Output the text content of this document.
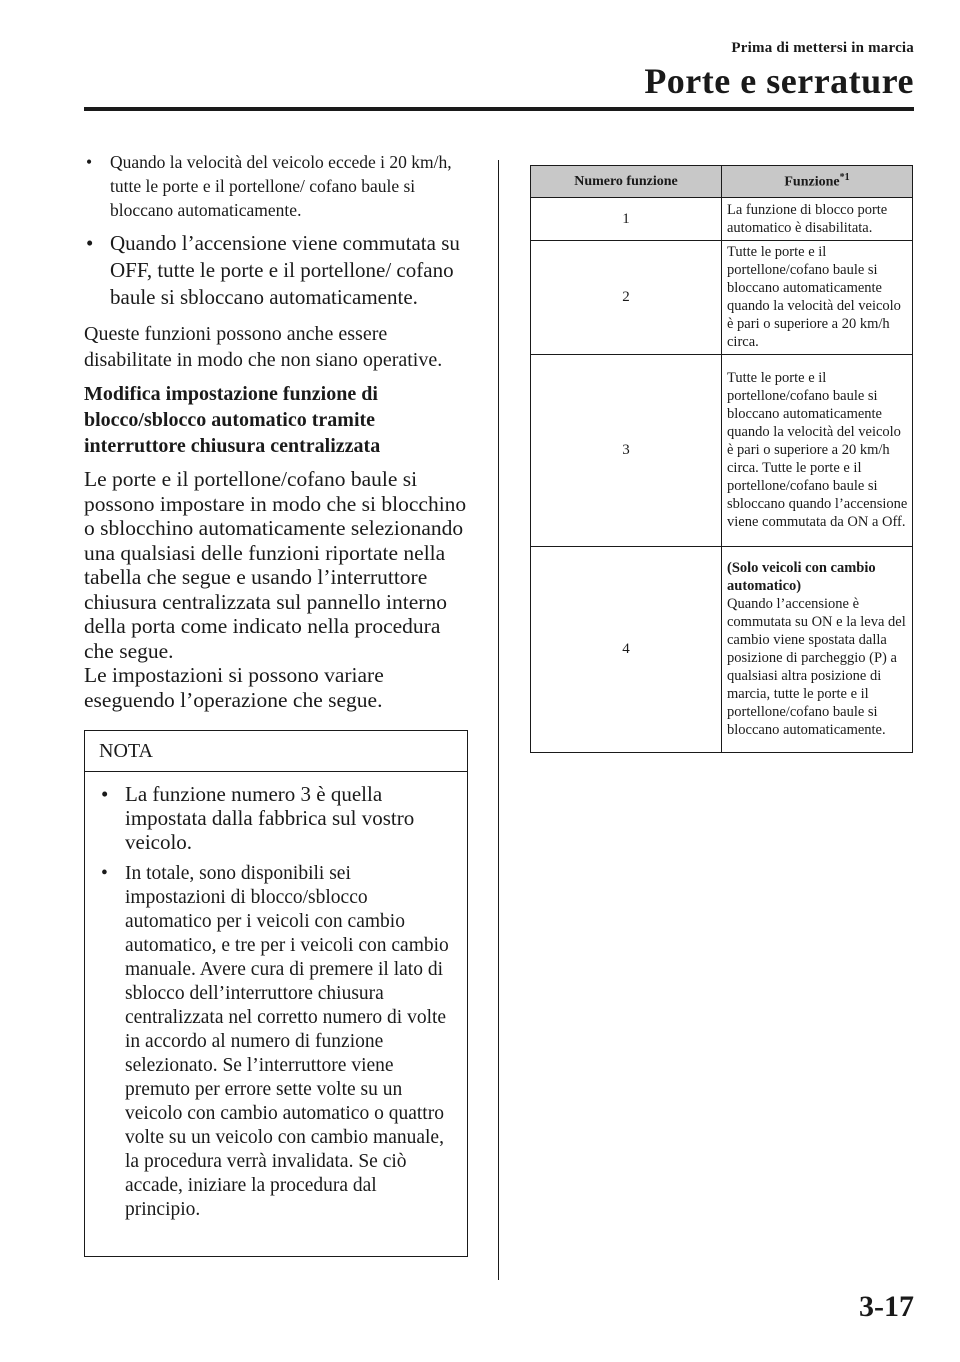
Prima di mettersi in marcia
Porte e serrature
• Quando la velocità del veicolo eccede i 20 km/h, tutte le porte e il portellone/ cofano baule si bloccano automaticamente.
• Quando l’accensione viene commutata su OFF, tutte le porte e il portellone/ cofano baule si sbloccano automaticamente.
Queste funzioni possono anche essere disabilitate in modo che non siano operative.
Modifica impostazione funzione di blocco/sblocco automatico tramite interruttore chiusura centralizzata
Le porte e il portellone/cofano baule si possono impostare in modo che si blocchino o sblocchino automaticamente selezionando una qualsiasi delle funzioni riportate nella tabella che segue e usando l’interruttore chiusura centralizzata sul pannello interno della porta come indicato nella procedura che segue.
Le impostazioni si possono variare eseguendo l’operazione che segue.
NOTA
• La funzione numero 3 è quella impostata dalla fabbrica sul vostro veicolo.
• In totale, sono disponibili sei impostazioni di blocco/sblocco automatico per i veicoli con cambio automatico, e tre per i veicoli con cambio manuale. Avere cura di premere il lato di sblocco dell’interruttore chiusura centralizzata nel corretto numero di volte in accordo al numero di funzione selezionato. Se l’interruttore viene premuto per errore sette volte su un veicolo con cambio automatico o quattro volte su un veicolo con cambio manuale, la procedura verrà invalidata. Se ciò accade, iniziare la procedura dal principio.
Numero funzione	Funzione$^{*1}$
1	La funzione di blocco porte automatico è disabilitata.
2	Tutte le porte e il portellone/cofano baule si bloccano automaticamente quando la velocità del veicolo è pari o superiore a 20 km/h circa.
3	Tutte le porte e il portellone/cofano baule si bloccano automaticamente quando la velocità del veicolo è pari o superiore a 20 km/h circa. Tutte le porte e il portellone/cofano baule si sbloccano quando l’accensione viene commutata da ON a Off.
4	(Solo veicoli con cambio automatico)
Quando l’accensione è commutata su ON e la leva del cambio viene spostata dalla posizione di parcheggio (P) a qualsiasi altra posizione di marcia, tutte le porte e il portellone/cofano baule si bloccano automaticamente.
3-17
